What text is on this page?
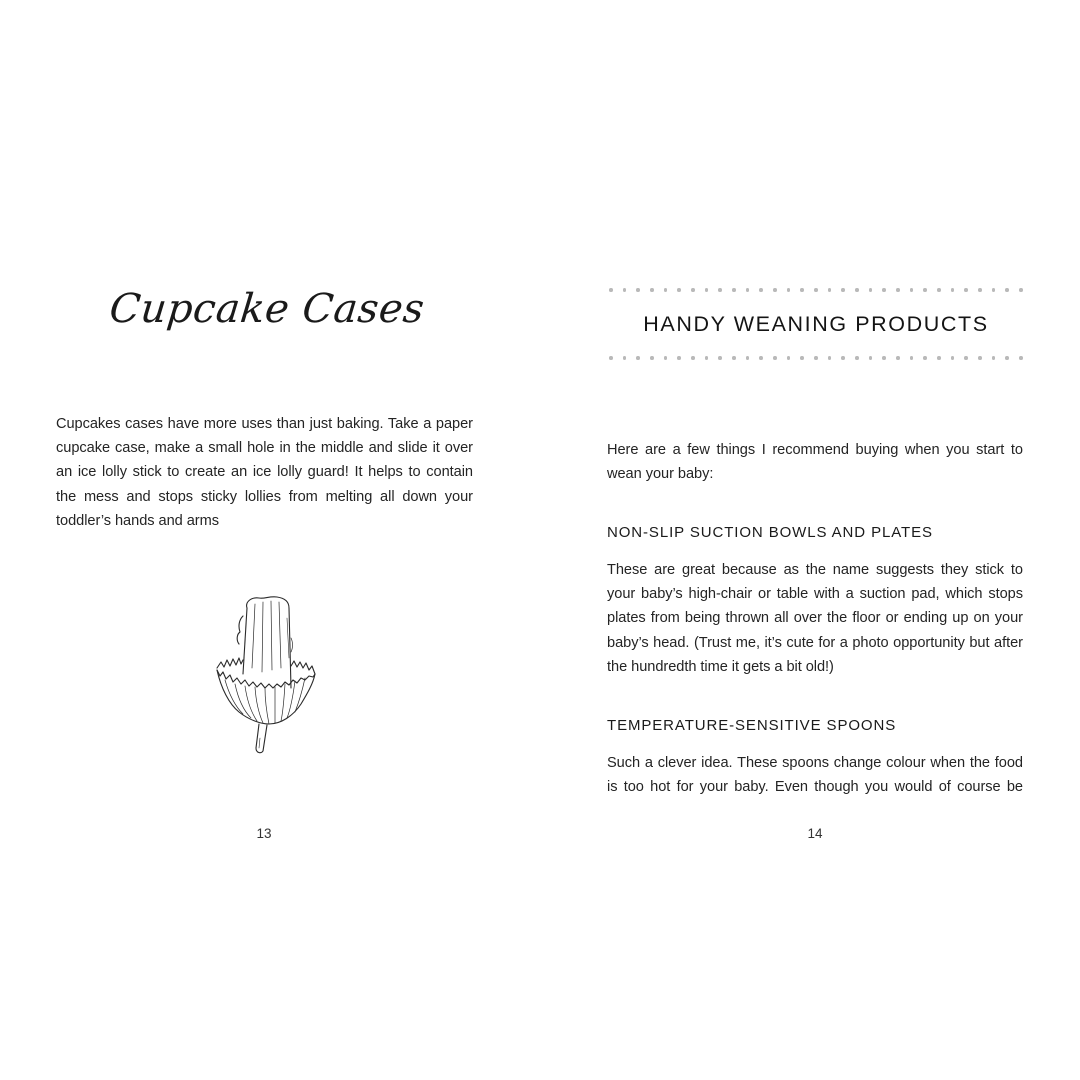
Cupcake Cases

Cupcakes cases have more uses than just baking. Take a paper cupcake case, make a small hole in the middle and slide it over an ice lolly stick to create an ice lolly guard! It helps to contain the mess and stops sticky lollies from melting all down your toddler’s hands and arms

13
HANDY WEANING PRODUCTS

Here are a few things I recommend buying when you start to wean your baby:

NON-SLIP SUCTION BOWLS AND PLATES

These are great because as the name suggests they stick to your baby’s high-chair or table with a suction pad, which stops plates from being thrown all over the floor or ending up on your baby’s head. (Trust me, it’s cute for a photo opportunity but after the hundredth time it gets a bit old!)

TEMPERATURE-SENSITIVE SPOONS

Such a clever idea. These spoons change colour when the food is too hot for your baby. Even though you would of course be

14
